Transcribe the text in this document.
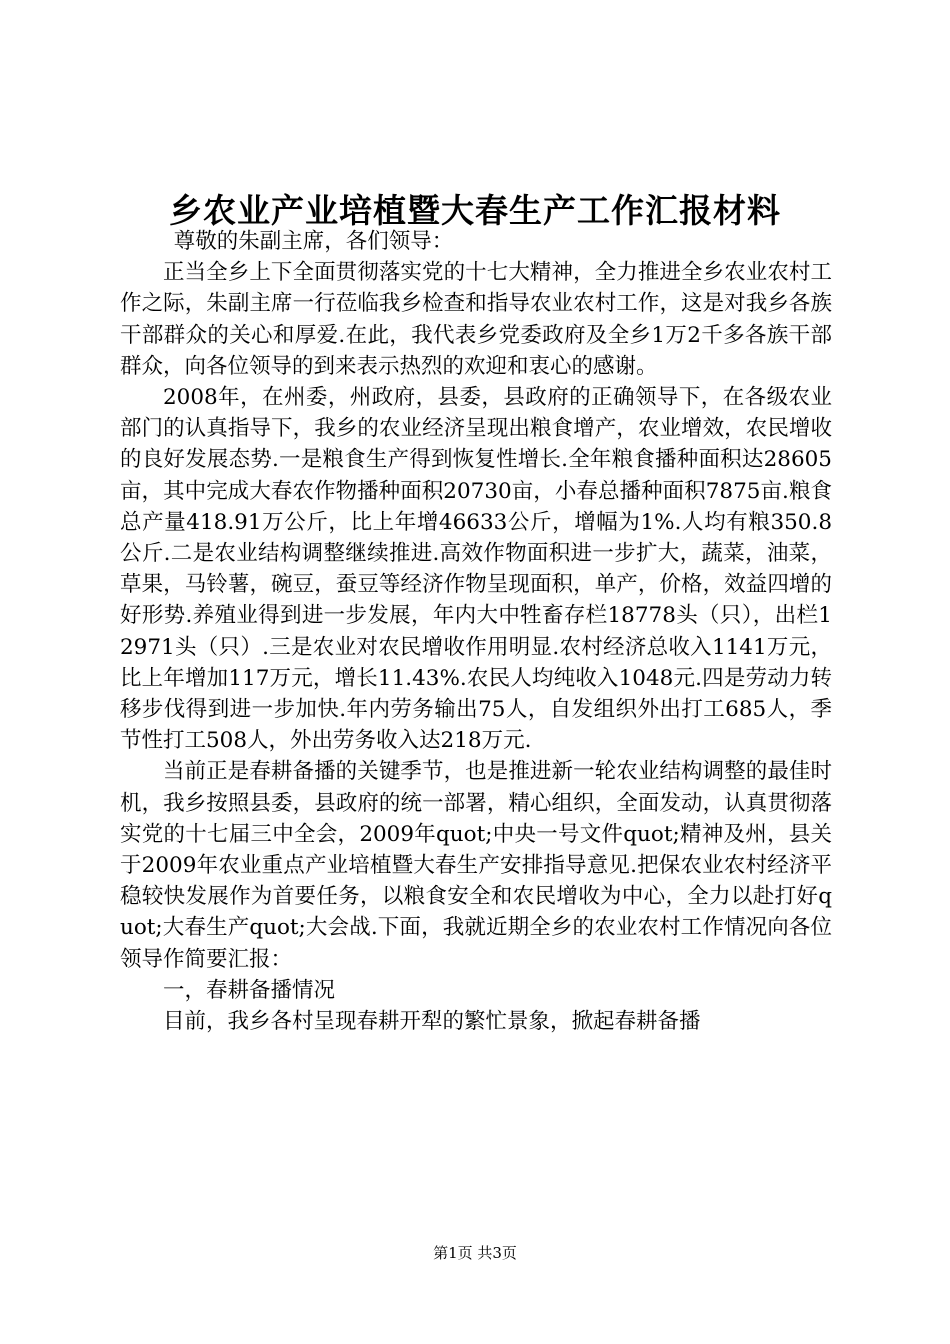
乡农业产业培植暨大春生产工作汇报材料

尊敬的朱副主席，各们领导：

正当全乡上下全面贯彻落实党的十七大精神，全力推进全乡农业农村工作之际，朱副主席一行莅临我乡检查和指导农业农村工作，这是对我乡各族干部群众的关心和厚爱.在此，我代表乡党委政府及全乡1万2千多各族干部群众，向各位领导的到来表示热烈的欢迎和衷心的感谢。

2008年，在州委，州政府，县委，县政府的正确领导下，在各级农业部门的认真指导下，我乡的农业经济呈现出粮食增产，农业增效，农民增收的良好发展态势.一是粮食生产得到恢复性增长.全年粮食播种面积达28605亩，其中完成大春农作物播种面积20730亩，小春总播种面积7875亩.粮食总产量418.91万公斤，比上年增46633公斤，增幅为1%.人均有粮350.8公斤.二是农业结构调整继续推进.高效作物面积进一步扩大，蔬菜，油菜，草果，马铃薯，碗豆，蚕豆等经济作物呈现面积，单产，价格，效益四增的好形势.养殖业得到进一步发展，年内大中牲畜存栏18778头（只），出栏12971头（只）.三是农业对农民增收作用明显.农村经济总收入1141万元，比上年增加117万元，增长11.43%.农民人均纯收入1048元.四是劳动力转移步伐得到进一步加快.年内劳务输出75人，自发组织外出打工685人，季节性打工508人，外出劳务收入达218万元.

当前正是春耕备播的关键季节，也是推进新一轮农业结构调整的最佳时机，我乡按照县委，县政府的统一部署，精心组织，全面发动，认真贯彻落实党的十七届三中全会，2009年quot;中央一号文件quot;精神及州，县关于2009年农业重点产业培植暨大春生产安排指导意见.把保农业农村经济平稳较快发展作为首要任务，以粮食安全和农民增收为中心，全力以赴打好quot;大春生产quot;大会战.下面，我就近期全乡的农业农村工作情况向各位领导作简要汇报：

一，春耕备播情况

目前，我乡各村呈现春耕开犁的繁忙景象，掀起春耕备播

第1页 共3页
